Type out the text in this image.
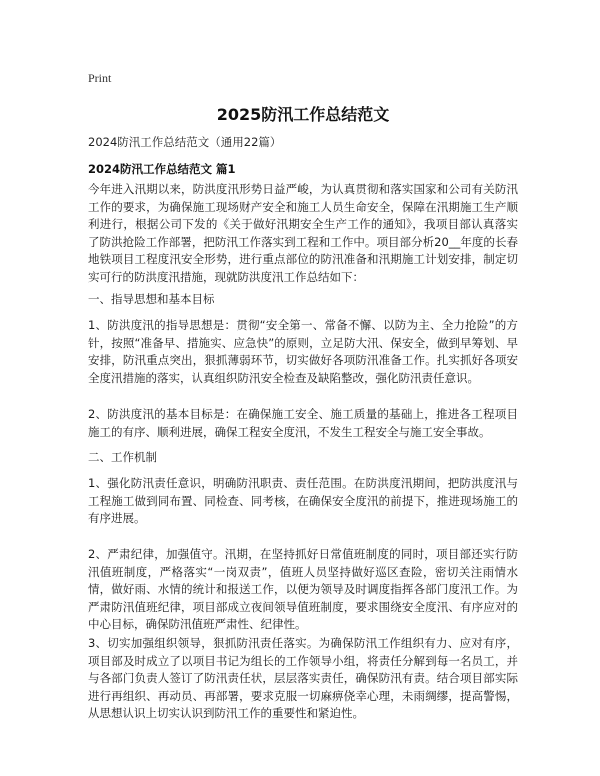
Print
2025防汛工作总结范文
2024防汛工作总结范文（通用22篇）
2024防汛工作总结范文 篇1

今年进入汛期以来，防洪度汛形势日益严峻，为认真贯彻和落实国家和公司有关防汛工作的要求，为确保施工现场财产安全和施工人员生命安全，保障在汛期施工生产顺利进行，根据公司下发的《关于做好汛期安全生产工作的通知》，我项目部认真落实了防洪抢险工作部署，把防汛工作落实到工程和工作中。项目部分析20__年度的长春地铁项目工程度汛安全形势，进行重点部位的防汛准备和汛期施工计划安排，制定切实可行的防洪度汛措施，现就防洪度汛工作总结如下：

一、指导思想和基本目标

1、防洪度汛的指导思想是：贯彻“安全第一、常备不懈、以防为主、全力抢险”的方针，按照“准备早、措施实、应急快”的原则，立足防大汛、保安全，做到早筹划、早安排，防汛重点突出，狠抓薄弱环节，切实做好各项防汛准备工作。扎实抓好各项安全度汛措施的落实，认真组织防汛安全检查及缺陷整改，强化防汛责任意识。

2、防洪度汛的基本目标是：在确保施工安全、施工质量的基础上，推进各工程项目施工的有序、顺利进展，确保工程安全度汛，不发生工程安全与施工安全事故。

二、工作机制

1、强化防汛责任意识，明确防汛职责、责任范围。在防洪度汛期间，把防洪度汛与工程施工做到同布置、同检查、同考核，在确保安全度汛的前提下，推进现场施工的有序进展。

2、严肃纪律，加强值守。汛期，在坚持抓好日常值班制度的同时，项目部还实行防汛值班制度，严格落实“一岗双责”，值班人员坚持做好巡区查险，密切关注雨情水情，做好雨、水情的统计和报送工作，以便为领导及时调度指挥各部门度汛工作。为严肃防汛值班纪律，项目部成立夜间领导值班制度，要求围绕安全度汛、有序应对的中心目标，确保防汛值班严肃性、纪律性。

3、切实加强组织领导，狠抓防汛责任落实。为确保防汛工作组织有力、应对有序，项目部及时成立了以项目书记为组长的工作领导小组，将责任分解到每一名员工，并与各部门负责人签订了防汛责任状，层层落实责任，确保防汛有责。结合项目部实际进行再组织、再动员、再部署，要求克服一切麻痹侥幸心理，未雨绸缪，提高警惕，从思想认识上切实认识到防汛工作的重要性和紧迫性。
